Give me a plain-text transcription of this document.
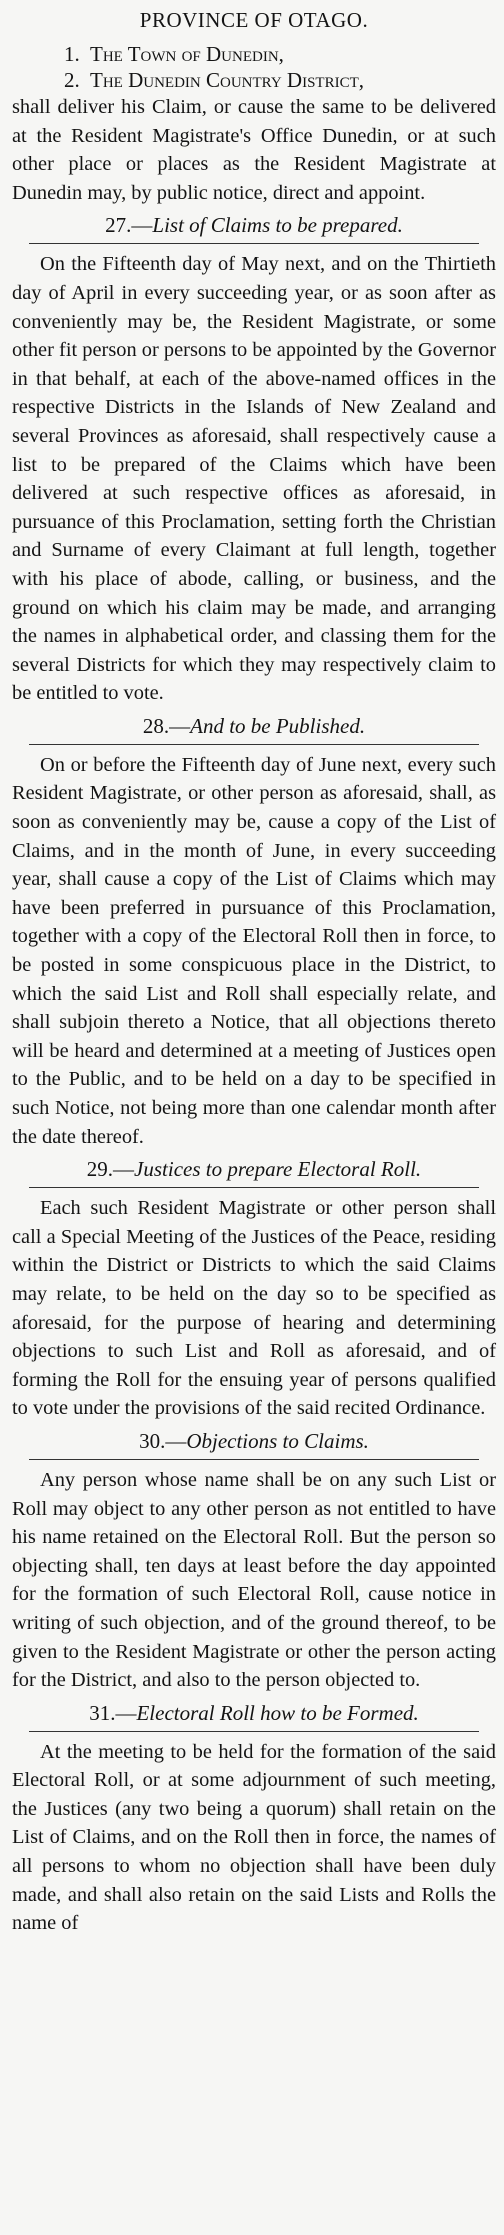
PROVINCE OF OTAGO.
1. The Town of Dunedin,
2. The Dunedin Country District,

shall deliver his Claim, or cause the same to be delivered at the Resident Magistrate's Office Dunedin, or at such other place or places as the Resident Magistrate at Dunedin may, by public notice, direct and appoint.

27.—List of Claims to be prepared.

On the Fifteenth day of May next, and on the Thirtieth day of April in every succeeding year, or as soon after as conveniently may be, the Resident Magistrate, or some other fit person or persons to be appointed by the Governor in that behalf, at each of the above-named offices in the respective Districts in the Islands of New Zealand and several Provinces as aforesaid, shall respectively cause a list to be prepared of the Claims which have been delivered at such respective offices as aforesaid, in pursuance of this Proclamation, setting forth the Christian and Surname of every Claimant at full length, together with his place of abode, calling, or business, and the ground on which his claim may be made, and arranging the names in alphabetical order, and classing them for the several Districts for which they may respectively claim to be entitled to vote.

28.—And to be Published.

On or before the Fifteenth day of June next, every such Resident Magistrate, or other person as aforesaid, shall, as soon as conveniently may be, cause a copy of the List of Claims, and in the month of June, in every succeeding year, shall cause a copy of the List of Claims which may have been preferred in pursuance of this Proclamation, together with a copy of the Electoral Roll then in force, to be posted in some conspicuous place in the District, to which the said List and Roll shall especially relate, and shall subjoin thereto a Notice, that all objections thereto will be heard and determined at a meeting of Justices open to the Public, and to be held on a day to be specified in such Notice, not being more than one calendar month after the date thereof.

29.—Justices to prepare Electoral Roll.

Each such Resident Magistrate or other person shall call a Special Meeting of the Justices of the Peace, residing within the District or Districts to which the said Claims may relate, to be held on the day so to be specified as aforesaid, for the purpose of hearing and determining objections to such List and Roll as aforesaid, and of forming the Roll for the ensuing year of persons qualified to vote under the provisions of the said recited Ordinance.

30.—Objections to Claims.

Any person whose name shall be on any such List or Roll may object to any other person as not entitled to have his name retained on the Electoral Roll. But the person so objecting shall, ten days at least before the day appointed for the formation of such Electoral Roll, cause notice in writing of such objection, and of the ground thereof, to be given to the Resident Magistrate or other the person acting for the District, and also to the person objected to.

31.—Electoral Roll how to be Formed.

At the meeting to be held for the formation of the said Electoral Roll, or at some adjournment of such meeting, the Justices (any two being a quorum) shall retain on the List of Claims, and on the Roll then in force, the names of all persons to whom no objection shall have been duly made, and shall also retain on the said Lists and Rolls the name of
